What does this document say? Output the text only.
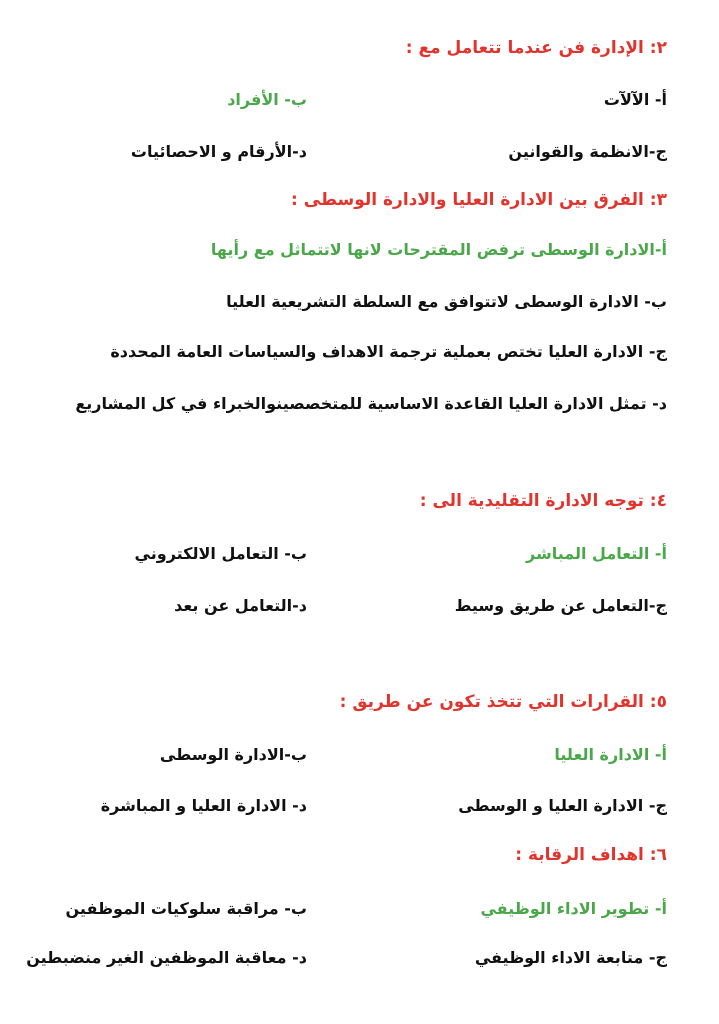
٢: الإدارة فن عندما تتعامل مع :
أ- الآلآت
ب- الأفراد
ج-الانظمة والقوانين
د-الأرقام و الاحصائيات
٣: الفرق بين الادارة العليا والادارة الوسطى :
أ-الادارة الوسطى ترفض المقترحات لانها لاتتماثل مع رأيها
ب- الادارة الوسطى لاتتوافق مع السلطة التشريعية العليا
ج- الادارة العليا تختص بعملية ترجمة الاهداف والسياسات العامة المحددة
د- تمثل الادارة العليا القاعدة الاساسية للمتخصصينوالخبراء في كل المشاريع
٤: توجه الادارة التقليدية الى :
أ- التعامل المباشر
ب- التعامل الالكتروني
ج-التعامل عن طريق وسيط
د-التعامل عن بعد
٥: القرارات التي تتخذ تكون عن طريق :
أ- الادارة العليا
ب-الادارة الوسطى
ج- الادارة العليا و الوسطى
د- الادارة العليا و المباشرة
٦: اهداف الرقابة :
أ- تطوير الاداء الوظيفي
ب- مراقبة سلوكيات الموظفين
ج- متابعة الاداء الوظيفي
د- معاقبة الموظفين الغير منضبطين
